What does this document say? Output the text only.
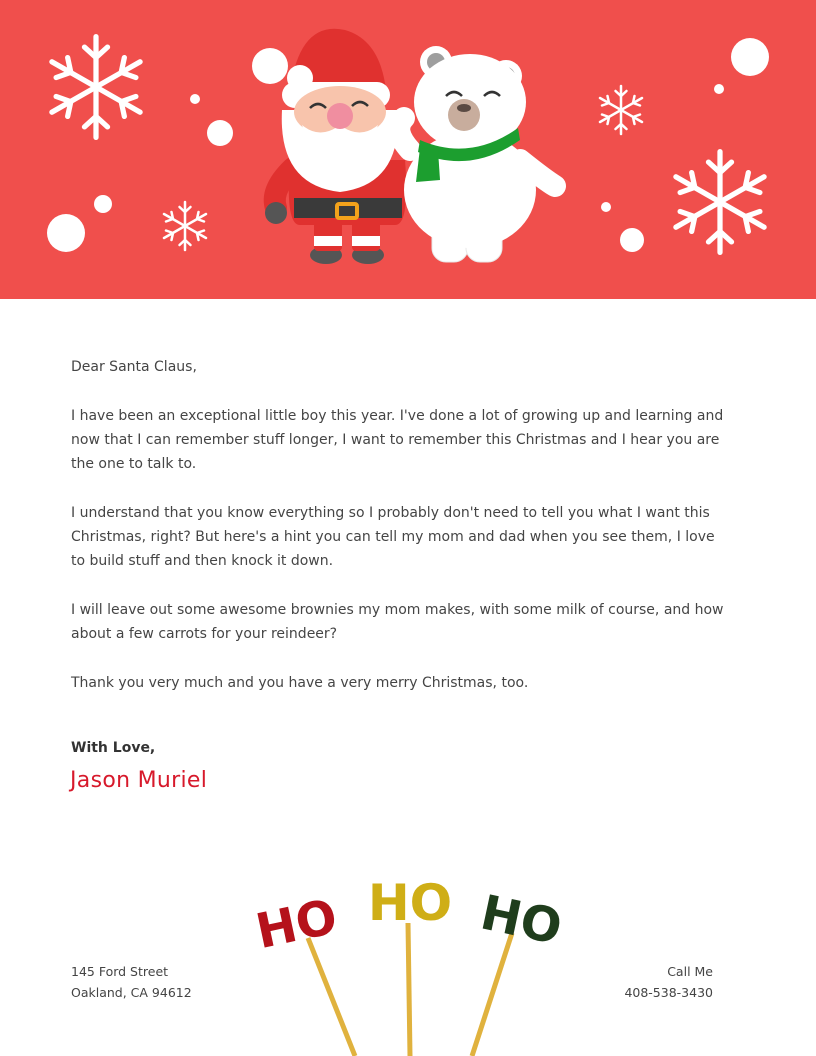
Dear Santa Claus,

I have been an exceptional little boy this year. I've done a lot of growing up and learning and now that I can remember stuff longer, I want to remember this Christmas and I hear you are the one to talk to.

I understand that you know everything so I probably don't need to tell you what I want this Christmas, right? But here's a hint you can tell my mom and dad when you see them, I love to build stuff and then knock it down.

I will leave out some awesome brownies my mom makes, with some milk of course, and how about a few carrots for your reindeer?

Thank you very much and you have a very merry Christmas, too.

With Love,
Jason Muriel
HO HO HO
145 Ford Street
Oakland, CA 94612
Call Me
408-538-3430
